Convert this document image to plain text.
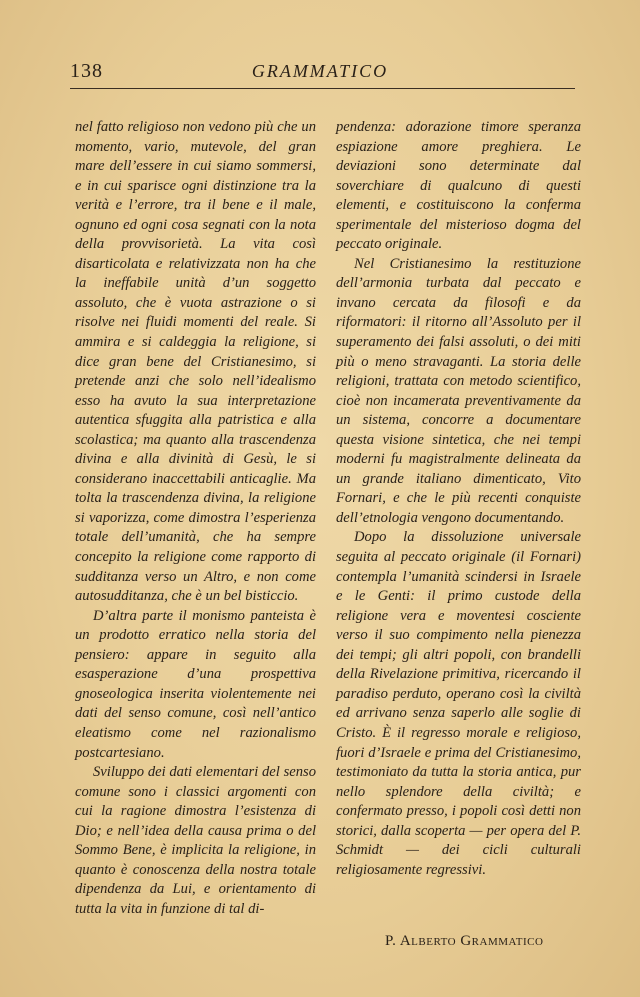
138	GRAMMATICO

nel fatto religioso non vedono più che un momento, vario, mutevole, del gran mare dell’essere in cui siamo sommersi, e in cui sparisce ogni distinzione tra la verità e l’errore, tra il bene e il male, ognuno ed ogni cosa segnati con la nota della provvisorietà. La vita così disarticolata e relativizzata non ha che la ineffabile unità d’un soggetto assoluto, che è vuota astrazione o si risolve nei fluidi momenti del reale. Si ammira e si caldeggia la religione, si dice gran bene del Cristianesimo, si pretende anzi che solo nell’idealismo esso ha avuto la sua interpretazione autentica sfuggita alla patristica e alla scolastica; ma quanto alla trascendenza divina e alla divinità di Gesù, le si considerano inaccettabili anticaglie. Ma tolta la trascendenza divina, la religione si vaporizza, come dimostra l’esperienza totale dell’umanità, che ha sempre concepito la religione come rapporto di sudditanza verso un Altro, e non come autosudditanza, che è un bel bisticcio.

D’altra parte il monismo panteista è un prodotto erratico nella storia del pensiero: appare in seguito alla esasperazione d’una prospettiva gnoseologica inserita violentemente nei dati del senso comune, così nell’antico eleatismo come nel razionalismo postcartesiano.

Sviluppo dei dati elementari del senso comune sono i classici argomenti con cui la ragione dimostra l’esistenza di Dio; e nell’idea della causa prima o del Sommo Bene, è implicita la religione, in quanto è conoscenza della nostra totale dipendenza da Lui, e orientamento di tutta la vita in funzione di tal di-

pendenza: adorazione timore speranza espiazione amore preghiera. Le deviazioni sono determinate dal soverchiare di qualcuno di questi elementi, e costituiscono la conferma sperimentale del misterioso dogma del peccato originale.

Nel Cristianesimo la restituzione dell’armonia turbata dal peccato e invano cercata da filosofi e da riformatori: il ritorno all’Assoluto per il superamento dei falsi assoluti, o dei miti più o meno stravaganti. La storia delle religioni, trattata con metodo scientifico, cioè non incamerata preventivamente da un sistema, concorre a documentare questa visione sintetica, che nei tempi moderni fu magistralmente delineata da un grande italiano dimenticato, Vito Fornari, e che le più recenti conquiste dell’etnologia vengono documentando.

Dopo la dissoluzione universale seguita al peccato originale (il Fornari) contempla l’umanità scindersi in Israele e le Genti: il primo custode della religione vera e moventesi cosciente verso il suo compimento nella pienezza dei tempi; gli altri popoli, con brandelli della Rivelazione primitiva, ricercando il paradiso perduto, operano così la civiltà ed arrivano senza saperlo alle soglie di Cristo. È il regresso morale e religioso, fuori d’Israele e prima del Cristianesimo, testimoniato da tutta la storia antica, pur nello splendore della civiltà; e confermato presso, i popoli così detti non storici, dalla scoperta — per opera del P. Schmidt — dei cicli culturali religiosamente regressivi.

P. Alberto Grammatico
